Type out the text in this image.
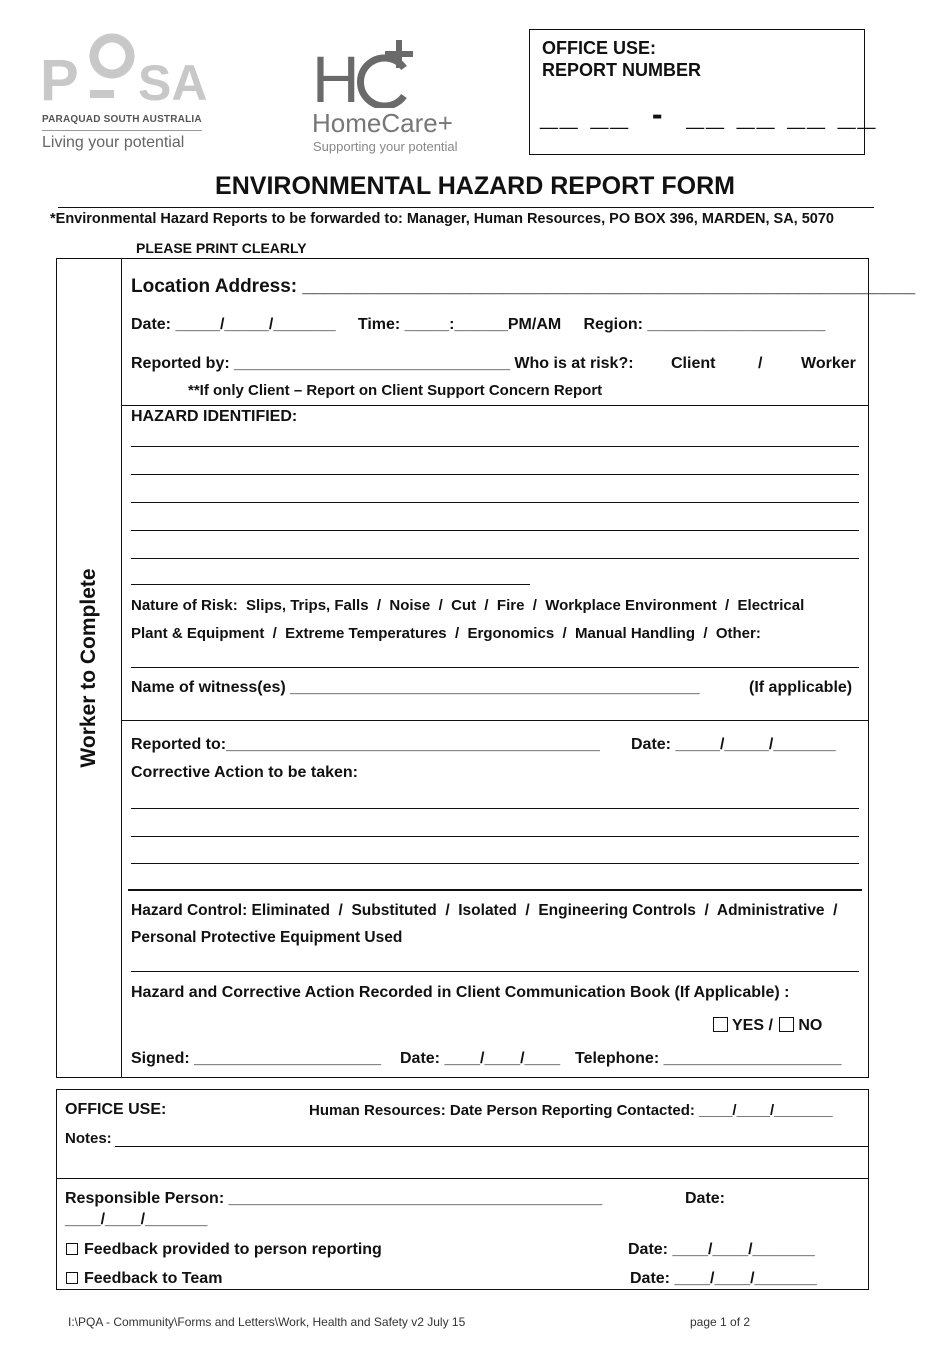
P SA
PARAQUAD SOUTH AUSTRALIA
Living your potential
H
HomeCare+
Supporting your potential
OFFICE USE:
REPORT NUMBER
__ __  -  __ __ __ __
ENVIRONMENTAL HAZARD REPORT FORM
*Environmental Hazard Reports to be forwarded to: Manager, Human Resources, PO BOX 396, MARDEN, SA, 5070
PLEASE PRINT CLEARLY
Worker to Complete
Location Address: __________________________________________________________
Date: _____/_____/_______     Time: _____:______PM/AM     Region: ____________________
Reported by: _______________________________ Who is at risk?: Client	/ Worker
**If only Client – Report on Client Support Concern Report
HAZARD IDENTIFIED:
Nature of Risk:  Slips, Trips, Falls  /  Noise  /  Cut  /  Fire  /  Workplace Environment  /  Electrical
Plant & Equipment  /  Extreme Temperatures  /  Ergonomics  /  Manual Handling  /  Other:
Name of witness(es) ______________________________________________	(If applicable)
Reported to:__________________________________________ Date: _____/_____/_______
Corrective Action to be taken:
Hazard Control: Eliminated  /  Substituted  /  Isolated  /  Engineering Controls  /  Administrative  /
Personal Protective Equipment Used
Hazard and Corrective Action Recorded in Client Communication Book (If Applicable) :
YES / NO
Signed: _____________________ Date: ____/____/____ Telephone: ____________________
OFFICE USE:	Human Resources: Date Person Reporting Contacted: ____/____/_______
Notes:
Responsible Person: __________________________________________	Date:
____/____/_______
Feedback provided to person reporting	Date: ____/____/_______
Feedback to Team	Date: ____/____/_______
I:\PQA - Community\Forms and Letters\Work, Health and Safety v2 July 15	page 1 of 2
